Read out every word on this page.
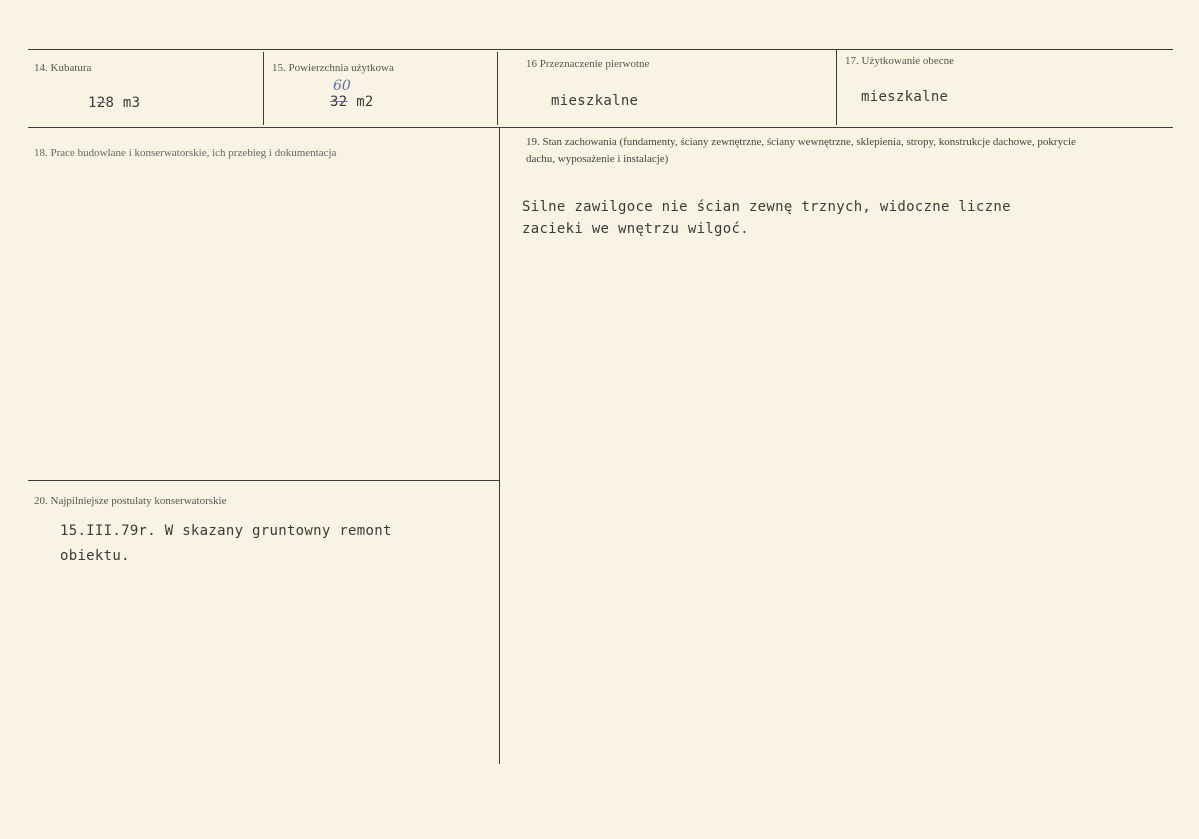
14. Kubatura
128 m3
15. Powierzchnia użytkowa
60
32 m2
16 Przeznaczenie pierwotne
mieszkalne
17. Użytkowanie obecne
mieszkalne
18. Prace budowlane i konserwatorskie, ich przebieg i dokumentacja
19. Stan zachowania (fundamenty, ściany zewnętrzne, ściany wewnętrzne, sklepienia, stropy, konstrukcje dachowe, pokrycie dachu, wyposażenie i instalacje)
Silne zawilgoce nie ścian zewnę trznych, widoczne liczne
zacieki we wnętrzu wilgoć.
20. Najpilniejsze postulaty konserwatorskie
15.III.79r. W skazany gruntowny remont
obiektu.
